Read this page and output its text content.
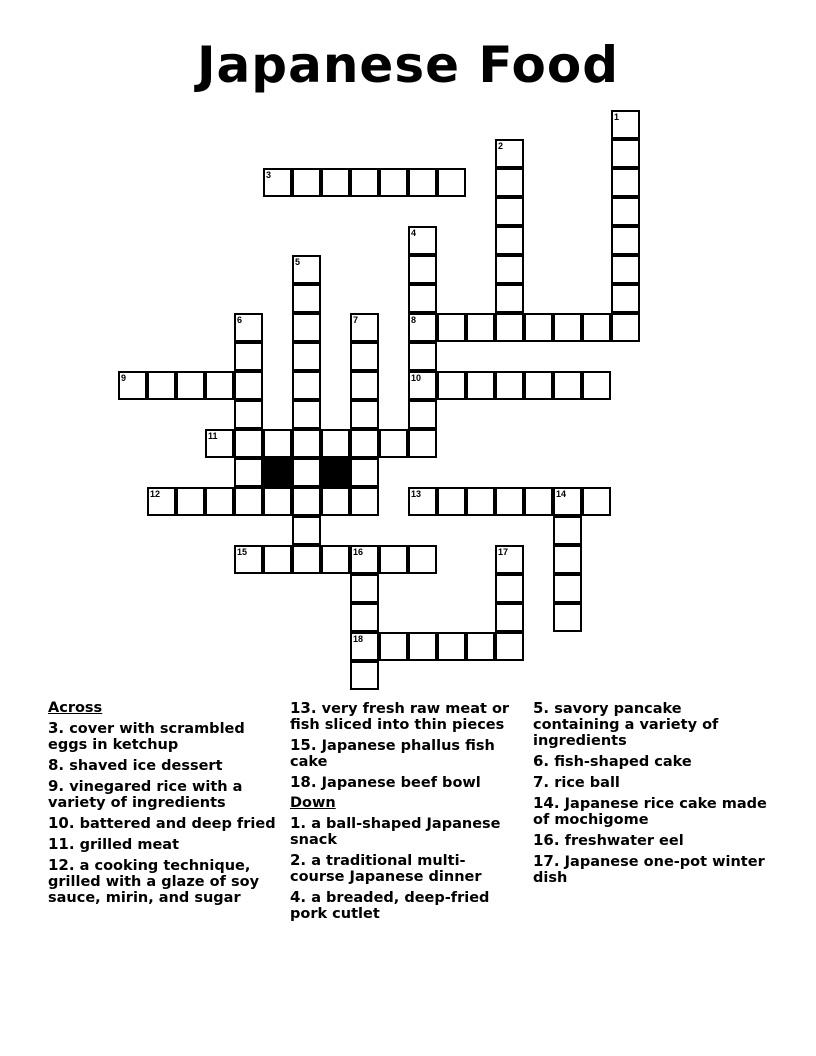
Japanese Food
1
2
3
4
8
10
5
6	7
9
11
12	13	14
15	16
18
17
Across
3. cover with scrambled eggs in ketchup
8. shaved ice dessert
9. vinegared rice with a variety of ingredients
10. battered and deep fried
11. grilled meat
12. a cooking technique, grilled with a glaze of soy sauce, mirin, and sugar
13. very fresh raw meat or fish sliced into thin pieces
15. Japanese phallus fish cake
18. Japanese beef bowl
Down
1. a ball-shaped Japanese snack
2. a traditional multi-course Japanese dinner
4. a breaded, deep-fried pork cutlet
5. savory pancake containing a variety of ingredients
6. fish-shaped cake
7. rice ball
14. Japanese rice cake made of mochigome
16. freshwater eel
17. Japanese one-pot winter dish
